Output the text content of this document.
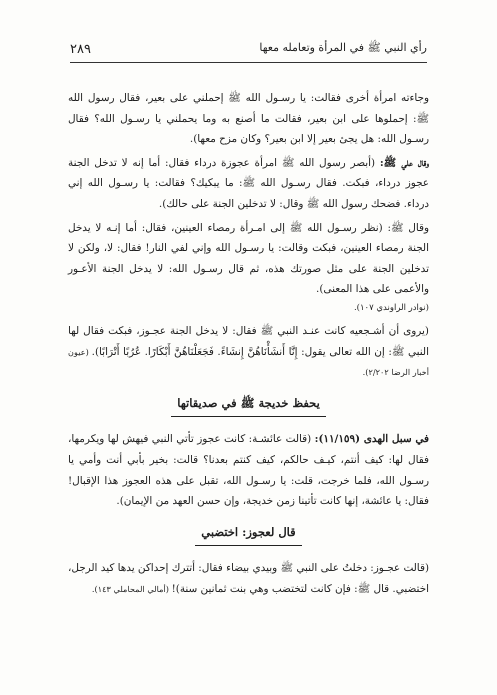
رأي النبي ﷺ في المرأة وتعامله معها
٢٨٩

وجاءته امرأة أخرى فقالت: يا رسـول الله ﷺ إحملني على بعير، فقال رسول الله ﷺ: إحملوها على ابن بعير، فقالت ما أصنع به وما يحملني يا رسـول الله؟ فقال رسـول الله: هل يجئ بعير إلا ابن بعير؟ وكان مزح معها).

وقال علي ﷺ: (أبصر رسول الله ﷺ امرأة عجوزة درداء فقال: أما إنه لا تدخل الجنة عجوز درداء، فبكت. فقال رسـول الله ﷺ: ما يبكيك؟ فقالت: يا رسـول الله إني درداء. فضحك رسول الله ﷺ وقال: لا تدخلين الجنة على حالك).

وقال ﷺ: (نظر رسـول الله ﷺ إلى امـرأة رمصاء العينين، فقال: أما إنـه لا يدخل الجنة رمصاء العينين، فبكت وقالت: يا رسـول الله وإني لفي النار! فقال: لا، ولكن لا تدخلين الجنة على مثل صورتك هذه، ثم قال رسـول الله: لا يدخل الجنة الأعـور والأعمى على هذا المعنى).

(نوادر الراوندي ١٠٧).

(يروى أن أشـجعيه كانت عنـد النبي ﷺ فقال: لا يدخل الجنة عجـوز، فبكت فقال لها النبي ﷺ: إن الله تعالى يقول: إِنَّا أَنشَأْنَاهُنَّ إِنشَاءً. فَجَعَلْنَاهُنَّ أَبْكَارًا. عُرُبًا أَتْرَابًا). (عيون أخبار الرضا ٢/٢٠٢).

يحفظ خديجة ﷺ في صديقاتها

في سبل الهدى (١١/١٥٩): (قالت عائشـة: كانت عجوز تأتي النبي فيهش لها ويكرمها، فقال لها: كيف أنتم، كيـف حالكم، كيف كنتم بعدنا؟ قالت: بخير بأبي أنت وأمي يا رسـول الله، فلما خرجت، قلت: يا رسـول الله، تقبل على هذه العجوز هذا الإقبال! فقال: يا عائشة، إنها كانت تأتينا زمن خديجة، وإن حسن العهد من الإيمان).

قال لعجوز: اختضبي

(قالت عجـوز: دخلتُ على النبي ﷺ وبيدي بيضاء فقال: أتترك إحداكن يدها كيد الرجل، اختضبي. قال ﷺ: فإن كانت لتختضب وهي بنت ثمانين سنة)! (أمالي المحاملي ١٤٣).
